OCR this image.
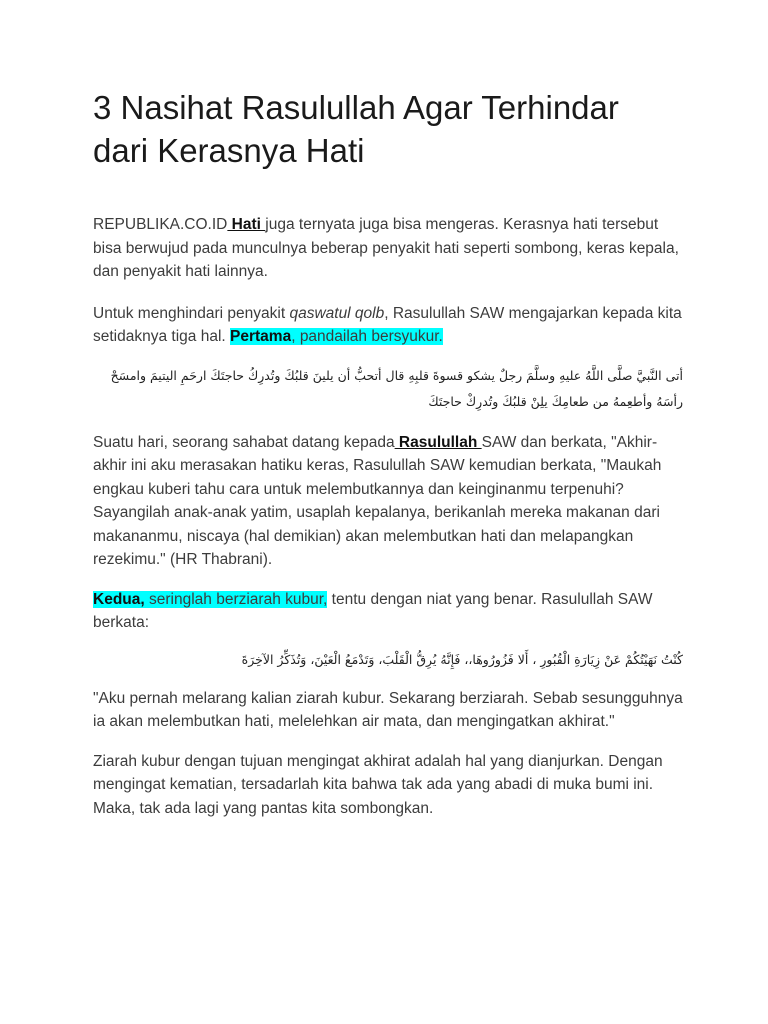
3 Nasihat Rasulullah Agar Terhindar dari Kerasnya Hati

REPUBLIKA.CO.ID Hati juga ternyata juga bisa mengeras. Kerasnya hati tersebut bisa berwujud pada munculnya beberap penyakit hati seperti sombong, keras kepala, dan penyakit hati lainnya.

Untuk menghindari penyakit qaswatul qolb, Rasulullah SAW mengajarkan kepada kita setidaknya tiga hal. Pertama, pandailah bersyukur.

أتى النَّبيَّ صلَّى اللَّهُ عليهِ وسلَّمَ رجلٌ يشكو قسوةَ قلبِهِ قال أتحبُّ أن يلينَ قلبُكَ وتُدرِكُ حاجتَكَ ارحَمِ اليتيمَ وامسَحْ رأسَهُ وأطعِمهُ من طعامِكَ يلِنْ قلبُكَ وتُدرِكْ حاجتَكَ

Suatu hari, seorang sahabat datang kepada Rasulullah SAW dan berkata, "Akhir-akhir ini aku merasakan hatiku keras, Rasulullah SAW kemudian berkata, "Maukah engkau kuberi tahu cara untuk melembutkannya dan keinginanmu terpenuhi? Sayangilah anak-anak yatim, usaplah kepalanya, berikanlah mereka makanan dari makananmu, niscaya (hal demikian) akan melembutkan hati dan melapangkan rezekimu." (HR Thabrani).

Kedua, seringlah berziarah kubur, tentu dengan niat yang benar. Rasulullah SAW berkata:

كُنْتُ نَهَيْتُكُمْ عَنْ زِيَارَةِ الْقُبُورِ ، أَلا فَزُورُوهَا،، فَإِنَّهُ يُرِقُّ الْقَلْبَ، وَتَدْمَعُ الْعَيْنَ، وَتُذَكِّرُ الآخِرَةَ

"Aku pernah melarang kalian ziarah kubur. Sekarang berziarah. Sebab sesungguhnya ia akan melembutkan hati, melelehkan air mata, dan mengingatkan akhirat."

Ziarah kubur dengan tujuan mengingat akhirat adalah hal yang dianjurkan. Dengan mengingat kematian, tersadarlah kita bahwa tak ada yang abadi di muka bumi ini. Maka, tak ada lagi yang pantas kita sombongkan.
